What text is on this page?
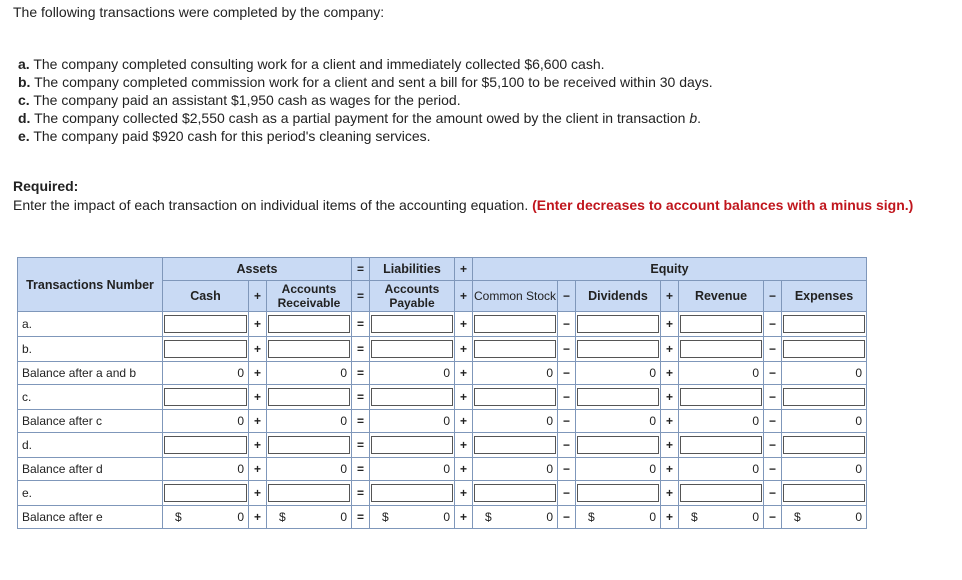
The following transactions were completed by the company:
a. The company completed consulting work for a client and immediately collected $6,600 cash.
b. The company completed commission work for a client and sent a bill for $5,100 to be received within 30 days.
c. The company paid an assistant $1,950 cash as wages for the period.
d. The company collected $2,550 cash as a partial payment for the amount owed by the client in transaction b.
e. The company paid $920 cash for this period's cleaning services.
Required:
Enter the impact of each transaction on individual items of the accounting equation. (Enter decreases to account balances with a minus sign.)
Transactions Number	Assets			=	Liabilities	+	Equity						
	Cash	+	Accounts Receivable	=	Accounts Payable	+	Common Stock	−	Dividends	+	Revenue	−	Expenses
a.		+		=		+		−		+		−	

b.		+		=		+		−		+		−	

Balance after a and b	0	+	0	=	0	+	0	−	0	+	0	−	0
c.		+		=		+		−		+		−	

Balance after c	0	+	0	=	0	+	0	−	0	+	0	−	0
d.		+		=		+		−		+		−	

Balance after d	0	+	0	=	0	+	0	−	0	+	0	−	0
e.		+		=		+		−		+		−	

Balance after e	$ 0	+	$ 0	=	$ 0	+	$ 0	−	$ 0	+	$ 0	−	$ 0
